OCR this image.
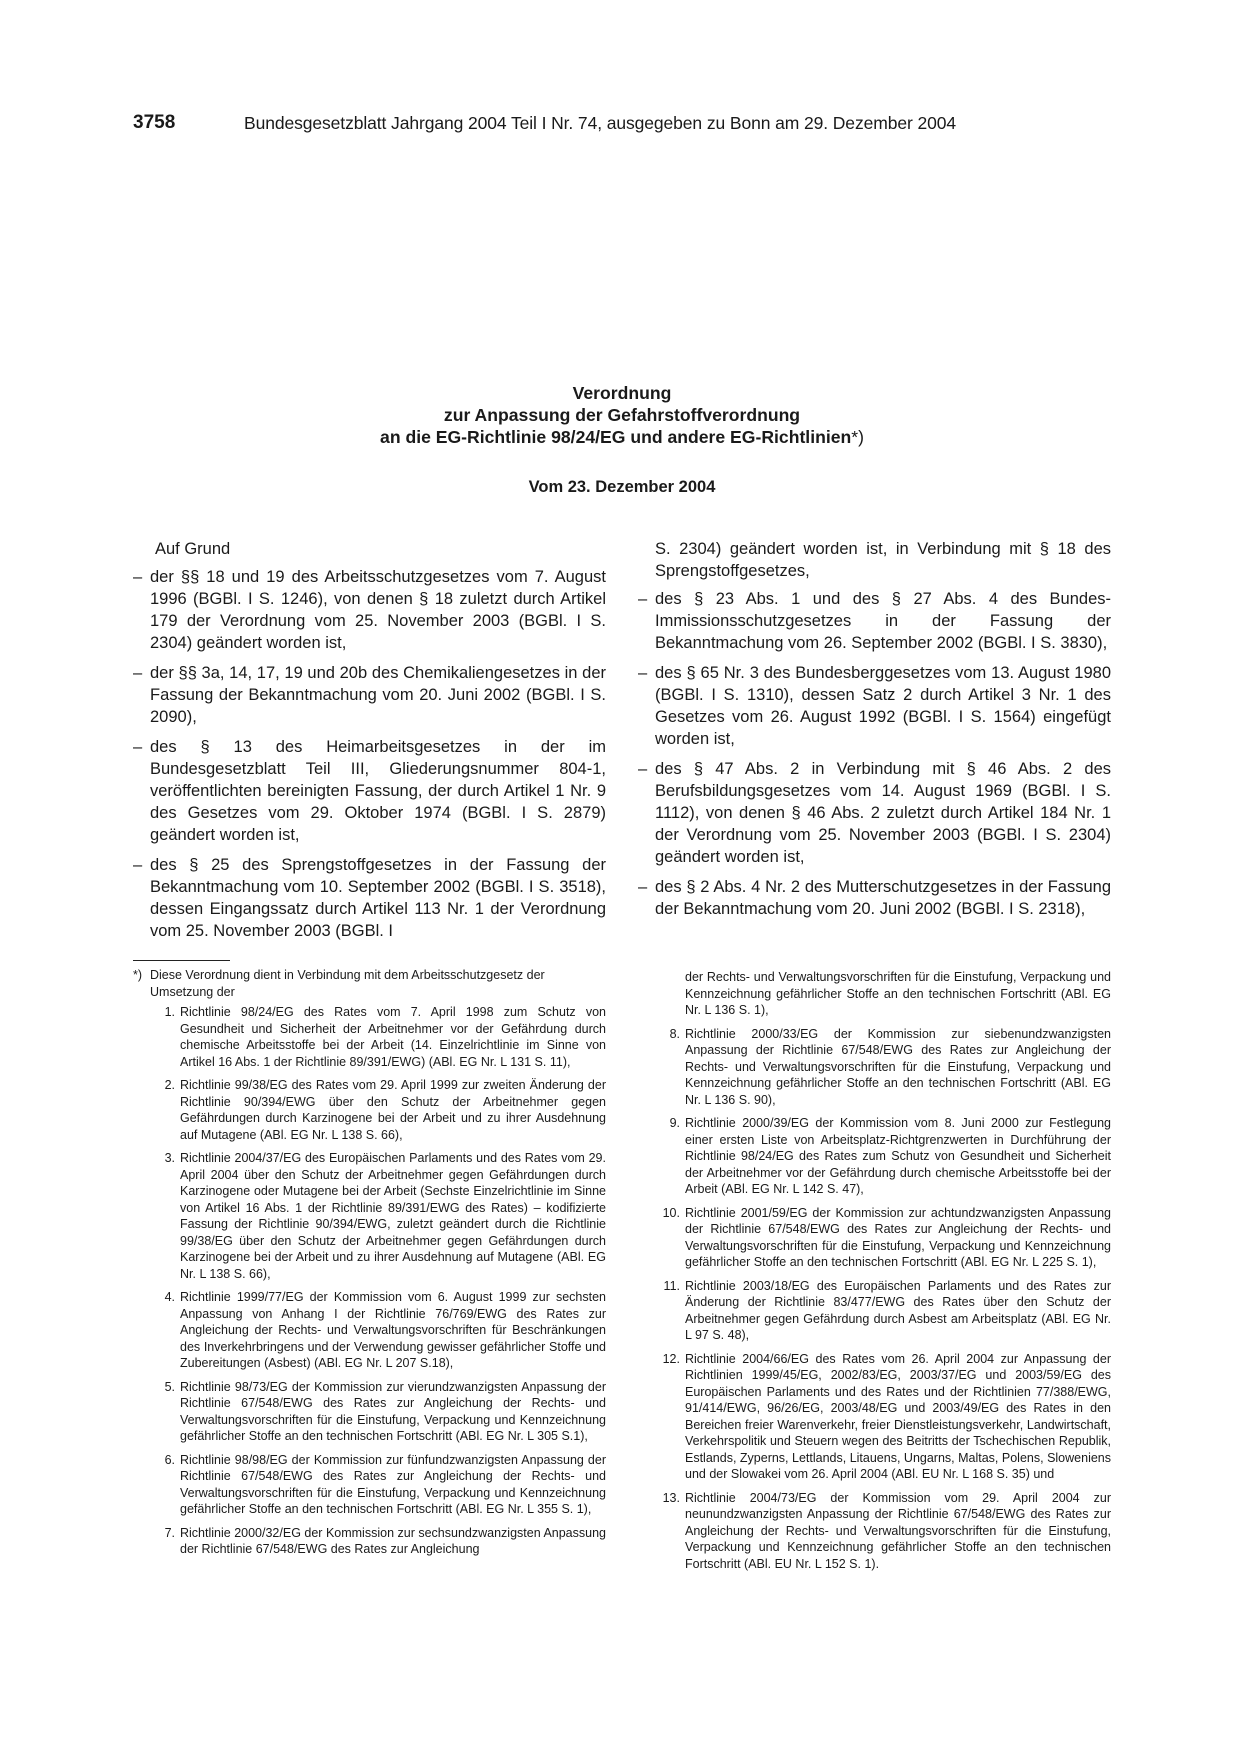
3758	Bundesgesetzblatt Jahrgang 2004 Teil I Nr. 74, ausgegeben zu Bonn am 29. Dezember 2004
Verordnung
zur Anpassung der Gefahrstoffverordnung
an die EG-Richtlinie 98/24/EG und andere EG-Richtlinien*)
Vom 23. Dezember 2004

Auf Grund

– der §§ 18 und 19 des Arbeitsschutzgesetzes vom 7. August 1996 (BGBl. I S. 1246), von denen § 18 zuletzt durch Artikel 179 der Verordnung vom 25. November 2003 (BGBl. I S. 2304) geändert worden ist,
– der §§ 3a, 14, 17, 19 und 20b des Chemikaliengesetzes in der Fassung der Bekanntmachung vom 20. Juni 2002 (BGBl. I S. 2090),
– des § 13 des Heimarbeitsgesetzes in der im Bundesgesetzblatt Teil III, Gliederungsnummer 804-1, veröffentlichten bereinigten Fassung, der durch Artikel 1 Nr. 9 des Gesetzes vom 29. Oktober 1974 (BGBl. I S. 2879) geändert worden ist,
– des § 25 des Sprengstoffgesetzes in der Fassung der Bekanntmachung vom 10. September 2002 (BGBl. I S. 3518), dessen Eingangssatz durch Artikel 113 Nr. 1 der Verordnung vom 25. November 2003 (BGBl. I

S. 2304) geändert worden ist, in Verbindung mit § 18 des Sprengstoffgesetzes,

– des § 23 Abs. 1 und des § 27 Abs. 4 des Bundes-Immissionsschutzgesetzes in der Fassung der Bekanntmachung vom 26. September 2002 (BGBl. I S. 3830),
– des § 65 Nr. 3 des Bundesberggesetzes vom 13. August 1980 (BGBl. I S. 1310), dessen Satz 2 durch Artikel 3 Nr. 1 des Gesetzes vom 26. August 1992 (BGBl. I S. 1564) eingefügt worden ist,
– des § 47 Abs. 2 in Verbindung mit § 46 Abs. 2 des Berufsbildungsgesetzes vom 14. August 1969 (BGBl. I S. 1112), von denen § 46 Abs. 2 zuletzt durch Artikel 184 Nr. 1 der Verordnung vom 25. November 2003 (BGBl. I S. 2304) geändert worden ist,
– des § 2 Abs. 4 Nr. 2 des Mutterschutzgesetzes in der Fassung der Bekanntmachung vom 20. Juni 2002 (BGBl. I S. 2318),
*) Diese Verordnung dient in Verbindung mit dem Arbeitsschutzgesetz der Umsetzung der
1. Richtlinie 98/24/EG des Rates vom 7. April 1998 zum Schutz von Gesundheit und Sicherheit der Arbeitnehmer vor der Gefährdung durch chemische Arbeitsstoffe bei der Arbeit (14. Einzelrichtlinie im Sinne von Artikel 16 Abs. 1 der Richtlinie 89/391/EWG) (ABl. EG Nr. L 131 S. 11),
2. Richtlinie 99/38/EG des Rates vom 29. April 1999 zur zweiten Änderung der Richtlinie 90/394/EWG über den Schutz der Arbeitnehmer gegen Gefährdungen durch Karzinogene bei der Arbeit und zu ihrer Ausdehnung auf Mutagene (ABl. EG Nr. L 138 S. 66),
3. Richtlinie 2004/37/EG des Europäischen Parlaments und des Rates vom 29. April 2004 über den Schutz der Arbeitnehmer gegen Gefährdungen durch Karzinogene oder Mutagene bei der Arbeit (Sechste Einzelrichtlinie im Sinne von Artikel 16 Abs. 1 der Richtlinie 89/391/EWG des Rates) – kodifizierte Fassung der Richtlinie 90/394/EWG, zuletzt geändert durch die Richtlinie 99/38/EG über den Schutz der Arbeitnehmer gegen Gefährdungen durch Karzinogene bei der Arbeit und zu ihrer Ausdehnung auf Mutagene (ABl. EG Nr. L 138 S. 66),
4. Richtlinie 1999/77/EG der Kommission vom 6. August 1999 zur sechsten Anpassung von Anhang I der Richtlinie 76/769/EWG des Rates zur Angleichung der Rechts- und Verwaltungsvorschriften für Beschränkungen des Inverkehrbringens und der Verwendung gewisser gefährlicher Stoffe und Zubereitungen (Asbest) (ABl. EG Nr. L 207 S.18),
5. Richtlinie 98/73/EG der Kommission zur vierundzwanzigsten Anpassung der Richtlinie 67/548/EWG des Rates zur Angleichung der Rechts- und Verwaltungsvorschriften für die Einstufung, Verpackung und Kennzeichnung gefährlicher Stoffe an den technischen Fortschritt (ABl. EG Nr. L 305 S.1),
6. Richtlinie 98/98/EG der Kommission zur fünfundzwanzigsten Anpassung der Richtlinie 67/548/EWG des Rates zur Angleichung der Rechts- und Verwaltungsvorschriften für die Einstufung, Verpackung und Kennzeichnung gefährlicher Stoffe an den technischen Fortschritt (ABl. EG Nr. L 355 S. 1),
7. Richtlinie 2000/32/EG der Kommission zur sechsundzwanzigsten Anpassung der Richtlinie 67/548/EWG des Rates zur Angleichung

der Rechts- und Verwaltungsvorschriften für die Einstufung, Verpackung und Kennzeichnung gefährlicher Stoffe an den technischen Fortschritt (ABl. EG Nr. L 136 S. 1),

8. Richtlinie 2000/33/EG der Kommission zur siebenundzwanzigsten Anpassung der Richtlinie 67/548/EWG des Rates zur Angleichung der Rechts- und Verwaltungsvorschriften für die Einstufung, Verpackung und Kennzeichnung gefährlicher Stoffe an den technischen Fortschritt (ABl. EG Nr. L 136 S. 90),
9. Richtlinie 2000/39/EG der Kommission vom 8. Juni 2000 zur Festlegung einer ersten Liste von Arbeitsplatz-Richtgrenzwerten in Durchführung der Richtlinie 98/24/EG des Rates zum Schutz von Gesundheit und Sicherheit der Arbeitnehmer vor der Gefährdung durch chemische Arbeitsstoffe bei der Arbeit (ABl. EG Nr. L 142 S. 47),
10. Richtlinie 2001/59/EG der Kommission zur achtundzwanzigsten Anpassung der Richtlinie 67/548/EWG des Rates zur Angleichung der Rechts- und Verwaltungsvorschriften für die Einstufung, Verpackung und Kennzeichnung gefährlicher Stoffe an den technischen Fortschritt (ABl. EG Nr. L 225 S. 1),
11. Richtlinie 2003/18/EG des Europäischen Parlaments und des Rates zur Änderung der Richtlinie 83/477/EWG des Rates über den Schutz der Arbeitnehmer gegen Gefährdung durch Asbest am Arbeitsplatz (ABl. EG Nr. L 97 S. 48),
12. Richtlinie 2004/66/EG des Rates vom 26. April 2004 zur Anpassung der Richtlinien 1999/45/EG, 2002/83/EG, 2003/37/EG und 2003/59/EG des Europäischen Parlaments und des Rates und der Richtlinien 77/388/EWG, 91/414/EWG, 96/26/EG, 2003/48/EG und 2003/49/EG des Rates in den Bereichen freier Warenverkehr, freier Dienstleistungsverkehr, Landwirtschaft, Verkehrspolitik und Steuern wegen des Beitritts der Tschechischen Republik, Estlands, Zyperns, Lettlands, Litauens, Ungarns, Maltas, Polens, Sloweniens und der Slowakei vom 26. April 2004 (ABl. EU Nr. L 168 S. 35) und
13. Richtlinie 2004/73/EG der Kommission vom 29. April 2004 zur neunundzwanzigsten Anpassung der Richtlinie 67/548/EWG des Rates zur Angleichung der Rechts- und Verwaltungsvorschriften für die Einstufung, Verpackung und Kennzeichnung gefährlicher Stoffe an den technischen Fortschritt (ABl. EU Nr. L 152 S. 1).
